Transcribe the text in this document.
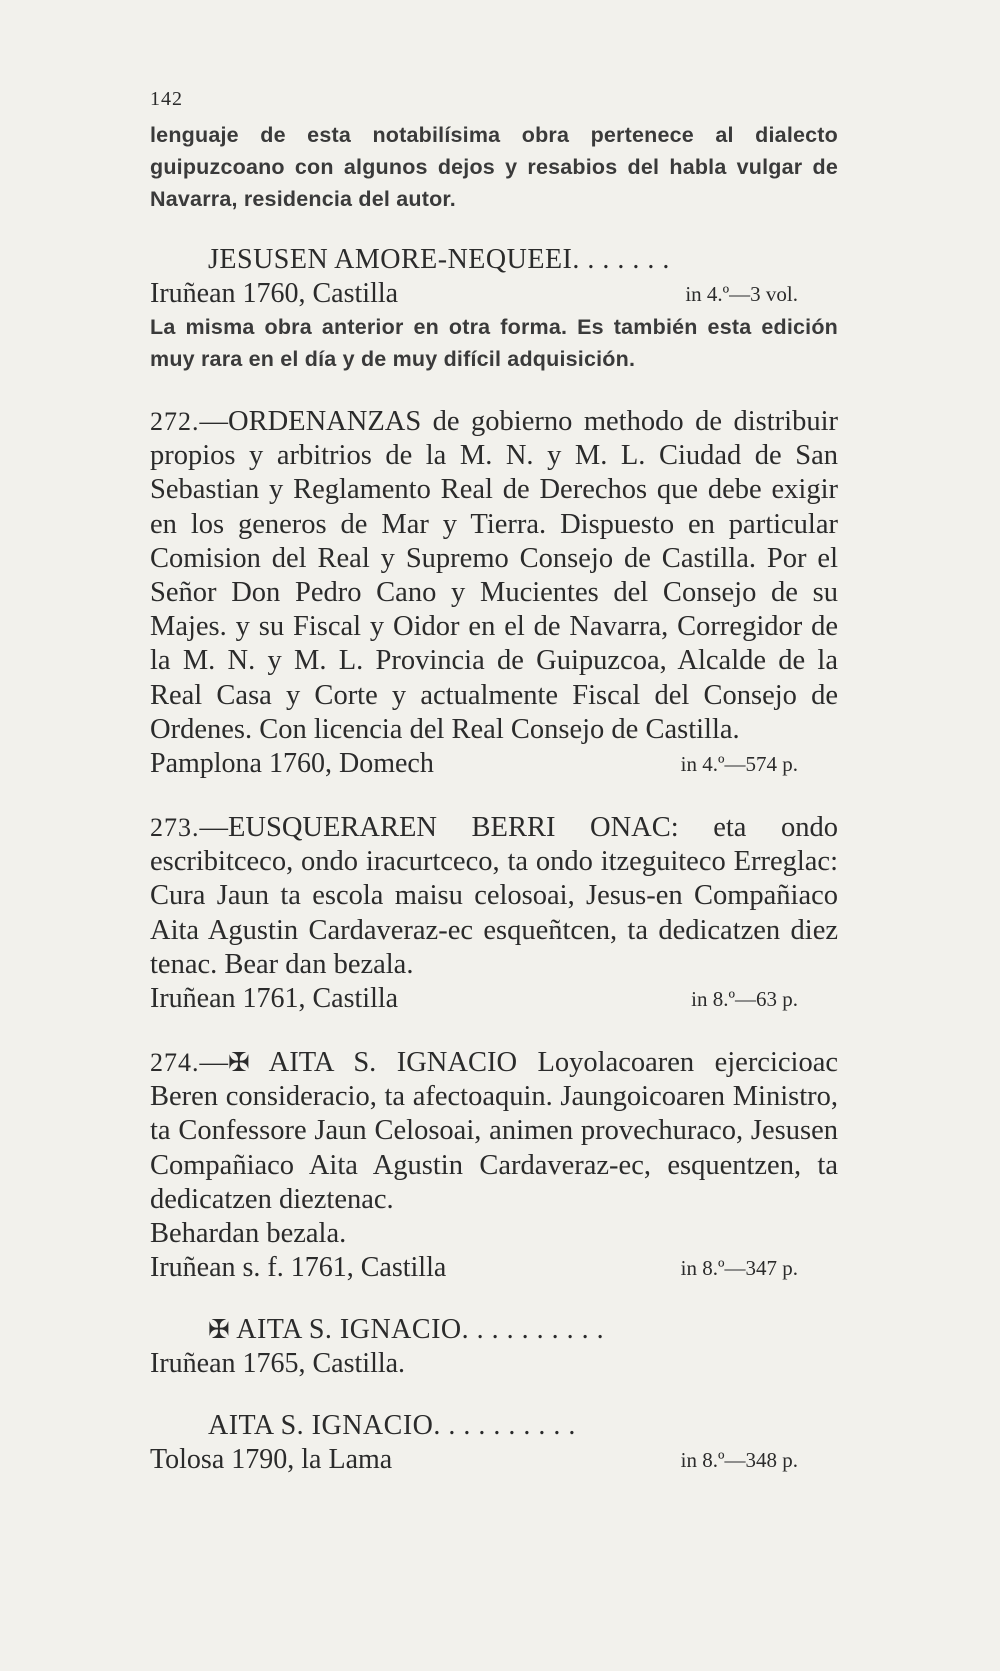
142
lenguaje de esta notabilísima obra pertenece al dialecto guipuzcoano con algunos dejos y resabios del habla vulgar de Navarra, residencia del autor.
JESUSEN AMORE-NEQUEEI. . . . . . .
Iruñean 1760, Castilla	in 4.º—3 vol.
La misma obra anterior en otra forma. Es también esta edición muy rara en el día y de muy difícil adquisición.
272.—ORDENANZAS de gobierno methodo de distribuir propios y arbitrios de la M. N. y M. L. Ciudad de San Sebastian y Reglamento Real de Derechos que debe exigir en los generos de Mar y Tierra. Dispuesto en particular Comision del Real y Supremo Consejo de Castilla. Por el Señor Don Pedro Cano y Mucientes del Consejo de su Majes. y su Fiscal y Oidor en el de Navarra, Corregidor de la M. N. y M. L. Provincia de Guipuzcoa, Alcalde de la Real Casa y Corte y actualmente Fiscal del Consejo de Ordenes. Con licencia del Real Consejo de Castilla.
Pamplona 1760, Domech	in 4.º—574 p.
273.—EUSQUERAREN BERRI ONAC: eta ondo escribitceco, ondo iracurtceco, ta ondo itzeguiteco Erreglac: Cura Jaun ta escola maisu celosoai, Jesus-en Compañiaco Aita Agustin Cardaveraz-ec esqueñtcen, ta dedicatzen diez tenac. Bear dan bezala.
Iruñean 1761, Castilla	in 8.º—63 p.
274.—✠ AITA S. IGNACIO Loyolacoaren ejercicioac Beren consideracio, ta afectoaquin. Jaungoicoaren Ministro, ta Confessore Jaun Celosoai, animen provechuraco, Jesusen Compañiaco Aita Agustin Cardaveraz-ec, esquentzen, ta dedicatzen dieztenac.
Behardan bezala.
Iruñean s. f. 1761, Castilla	in 8.º—347 p.
✠ AITA S. IGNACIO. . . . . . . . . .
Iruñean 1765, Castilla.
AITA S. IGNACIO. . . . . . . . . .
Tolosa 1790, la Lama	in 8.º—348 p.
